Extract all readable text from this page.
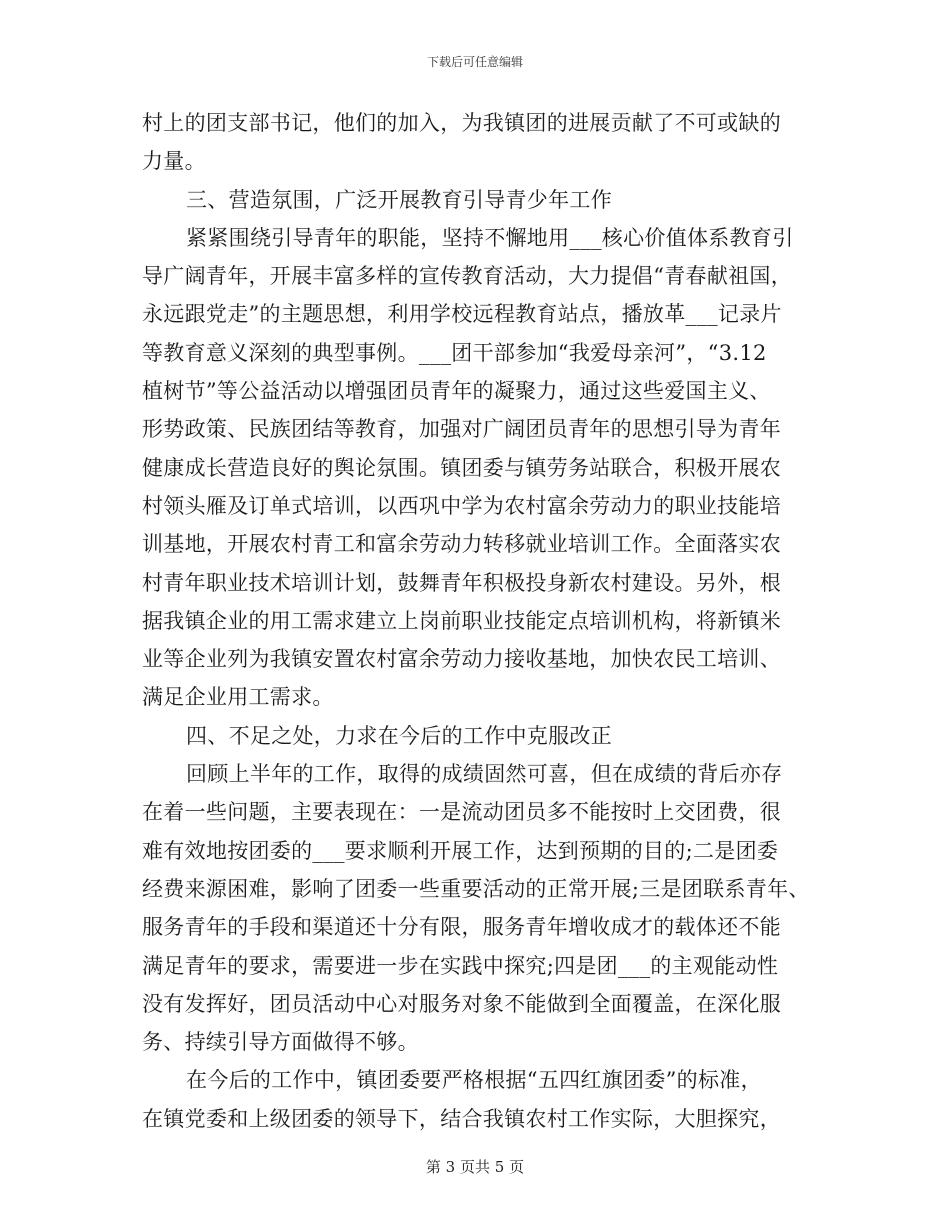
下载后可任意编辑
村上的团支部书记，他们的加入，为我镇团的进展贡献了不可或缺的
力量。
三、营造氛围，广泛开展教育引导青少年工作
紧紧围绕引导青年的职能，坚持不懈地用___核心价值体系教育引
导广阔青年，开展丰富多样的宣传教育活动，大力提倡“青春献祖国，
永远跟党走”的主题思想，利用学校远程教育站点，播放革___记录片
等教育意义深刻的典型事例。___团干部参加“我爱母亲河”，“3.12
植树节”等公益活动以增强团员青年的凝聚力，通过这些爱国主义、
形势政策、民族团结等教育，加强对广阔团员青年的思想引导为青年
健康成长营造良好的舆论氛围。镇团委与镇劳务站联合，积极开展农
村领头雁及订单式培训，以西巩中学为农村富余劳动力的职业技能培
训基地，开展农村青工和富余劳动力转移就业培训工作。全面落实农
村青年职业技术培训计划，鼓舞青年积极投身新农村建设。另外，根
据我镇企业的用工需求建立上岗前职业技能定点培训机构，将新镇米
业等企业列为我镇安置农村富余劳动力接收基地，加快农民工培训、
满足企业用工需求。
四、不足之处，力求在今后的工作中克服改正
回顾上半年的工作，取得的成绩固然可喜，但在成绩的背后亦存
在着一些问题，主要表现在：一是流动团员多不能按时上交团费，很
难有效地按团委的___要求顺利开展工作，达到预期的目的;二是团委
经费来源困难，影响了团委一些重要活动的正常开展;三是团联系青年、
服务青年的手段和渠道还十分有限，服务青年增收成才的载体还不能
满足青年的要求，需要进一步在实践中探究;四是团___的主观能动性
没有发挥好，团员活动中心对服务对象不能做到全面覆盖，在深化服
务、持续引导方面做得不够。
在今后的工作中，镇团委要严格根据“五四红旗团委”的标准，
在镇党委和上级团委的领导下，结合我镇农村工作实际，大胆探究，
第 3 页共 5 页
